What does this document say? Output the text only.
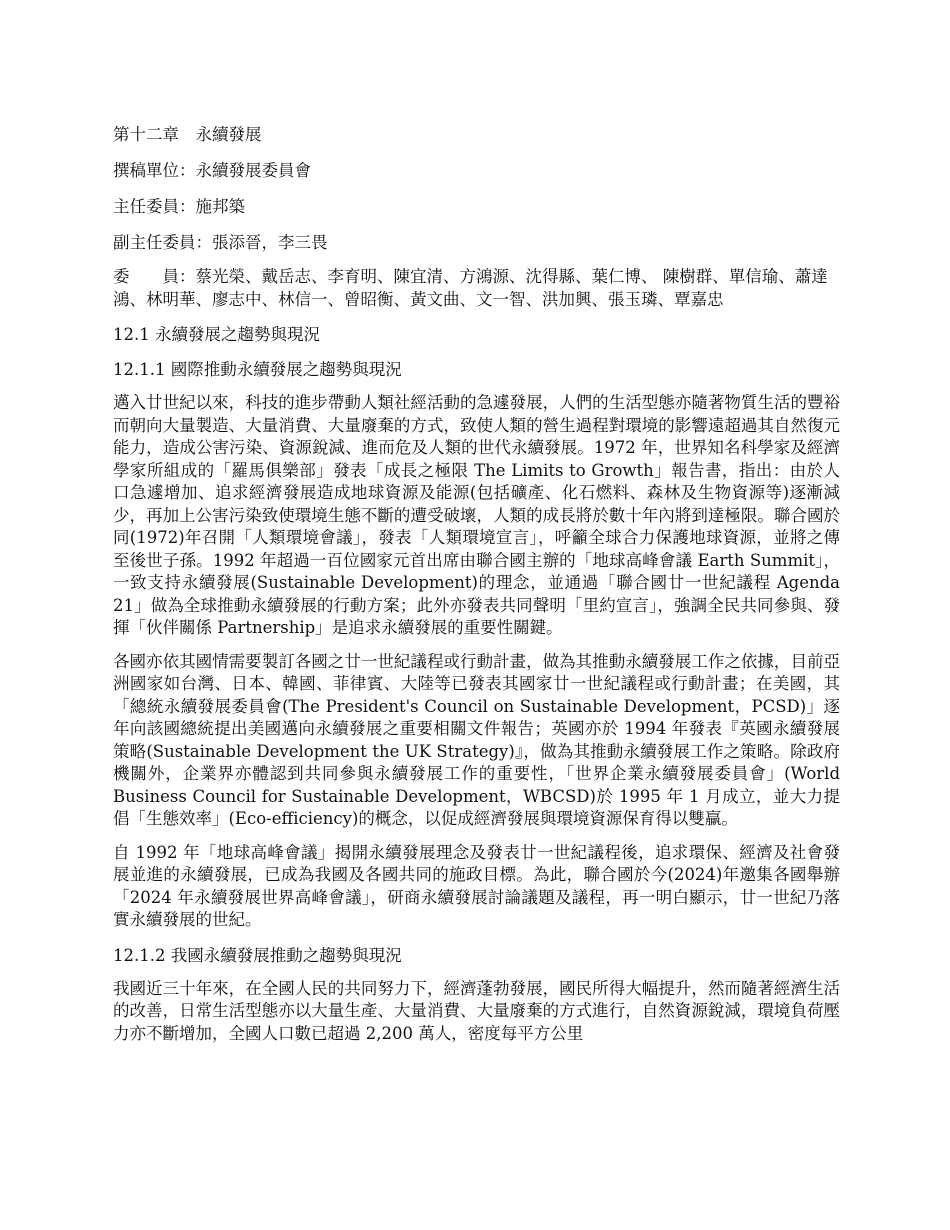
第十二章　永續發展
撰稿單位：永續發展委員會
主任委員：施邦築
副主任委員：張添晉，李三畏
委　　員：蔡光榮、戴岳志、李育明、陳宜清、方鴻源、沈得縣、葉仁博、 陳樹群、單信瑜、蕭達鴻、林明華、廖志中、林信一、曾昭衡、黃文曲、文一智、洪加興、張玉璘、覃嘉忠
12.1 永續發展之趨勢與現況
12.1.1 國際推動永續發展之趨勢與現況

邁入廿世紀以來，科技的進步帶動人類社經活動的急遽發展，人們的生活型態亦隨著物質生活的豐裕而朝向大量製造、大量消費、大量廢棄的方式，致使人類的營生過程對環境的影響遠超過其自然復元能力，造成公害污染、資源銳減、進而危及人類的世代永續發展。1972 年，世界知名科學家及經濟學家所組成的「羅馬俱樂部」發表「成長之極限 The Limits to Growth」報告書，指出：由於人口急遽增加、追求經濟發展造成地球資源及能源(包括礦產、化石燃料、森林及生物資源等)逐漸減少，再加上公害污染致使環境生態不斷的遭受破壞，人類的成長將於數十年內將到達極限。聯合國於同(1972)年召開「人類環境會議」，發表「人類環境宣言」，呼籲全球合力保護地球資源，並將之傳至後世子孫。1992 年超過一百位國家元首出席由聯合國主辦的「地球高峰會議 Earth Summit」，一致支持永續發展(Sustainable Development)的理念，並通過「聯合國廿一世紀議程 Agenda 21」做為全球推動永續發展的行動方案；此外亦發表共同聲明「里約宣言」，強調全民共同參與、發揮「伙伴關係 Partnership」是追求永續發展的重要性關鍵。

各國亦依其國情需要製訂各國之廿一世紀議程或行動計畫，做為其推動永續發展工作之依據，目前亞洲國家如台灣、日本、韓國、菲律賓、大陸等已發表其國家廿一世紀議程或行動計畫；在美國，其「總統永續發展委員會(The President's Council on Sustainable Development，PCSD)」逐年向該國總統提出美國邁向永續發展之重要相關文件報告；英國亦於 1994 年發表『英國永續發展策略(Sustainable Development the UK Strategy)』，做為其推動永續發展工作之策略。除政府機關外，企業界亦體認到共同參與永續發展工作的重要性，「世界企業永續發展委員會」(World Business Council for Sustainable Development，WBCSD)於 1995 年 1 月成立，並大力提倡「生態效率」(Eco-efficiency)的概念，以促成經濟發展與環境資源保育得以雙贏。

自 1992 年「地球高峰會議」揭開永續發展理念及發表廿一世紀議程後，追求環保、經濟及社會發展並進的永續發展，已成為我國及各國共同的施政目標。為此，聯合國於今(2024)年邀集各國舉辦「2024 年永續發展世界高峰會議」，研商永續發展討論議題及議程，再一明白顯示，廿一世紀乃落實永續發展的世紀。

12.1.2 我國永續發展推動之趨勢與現況

我國近三十年來，在全國人民的共同努力下，經濟蓬勃發展，國民所得大幅提升，然而隨著經濟生活的改善，日常生活型態亦以大量生產、大量消費、大量廢棄的方式進行，自然資源銳減，環境負荷壓力亦不斷增加，全國人口數已超過 2,200 萬人，密度每平方公里
